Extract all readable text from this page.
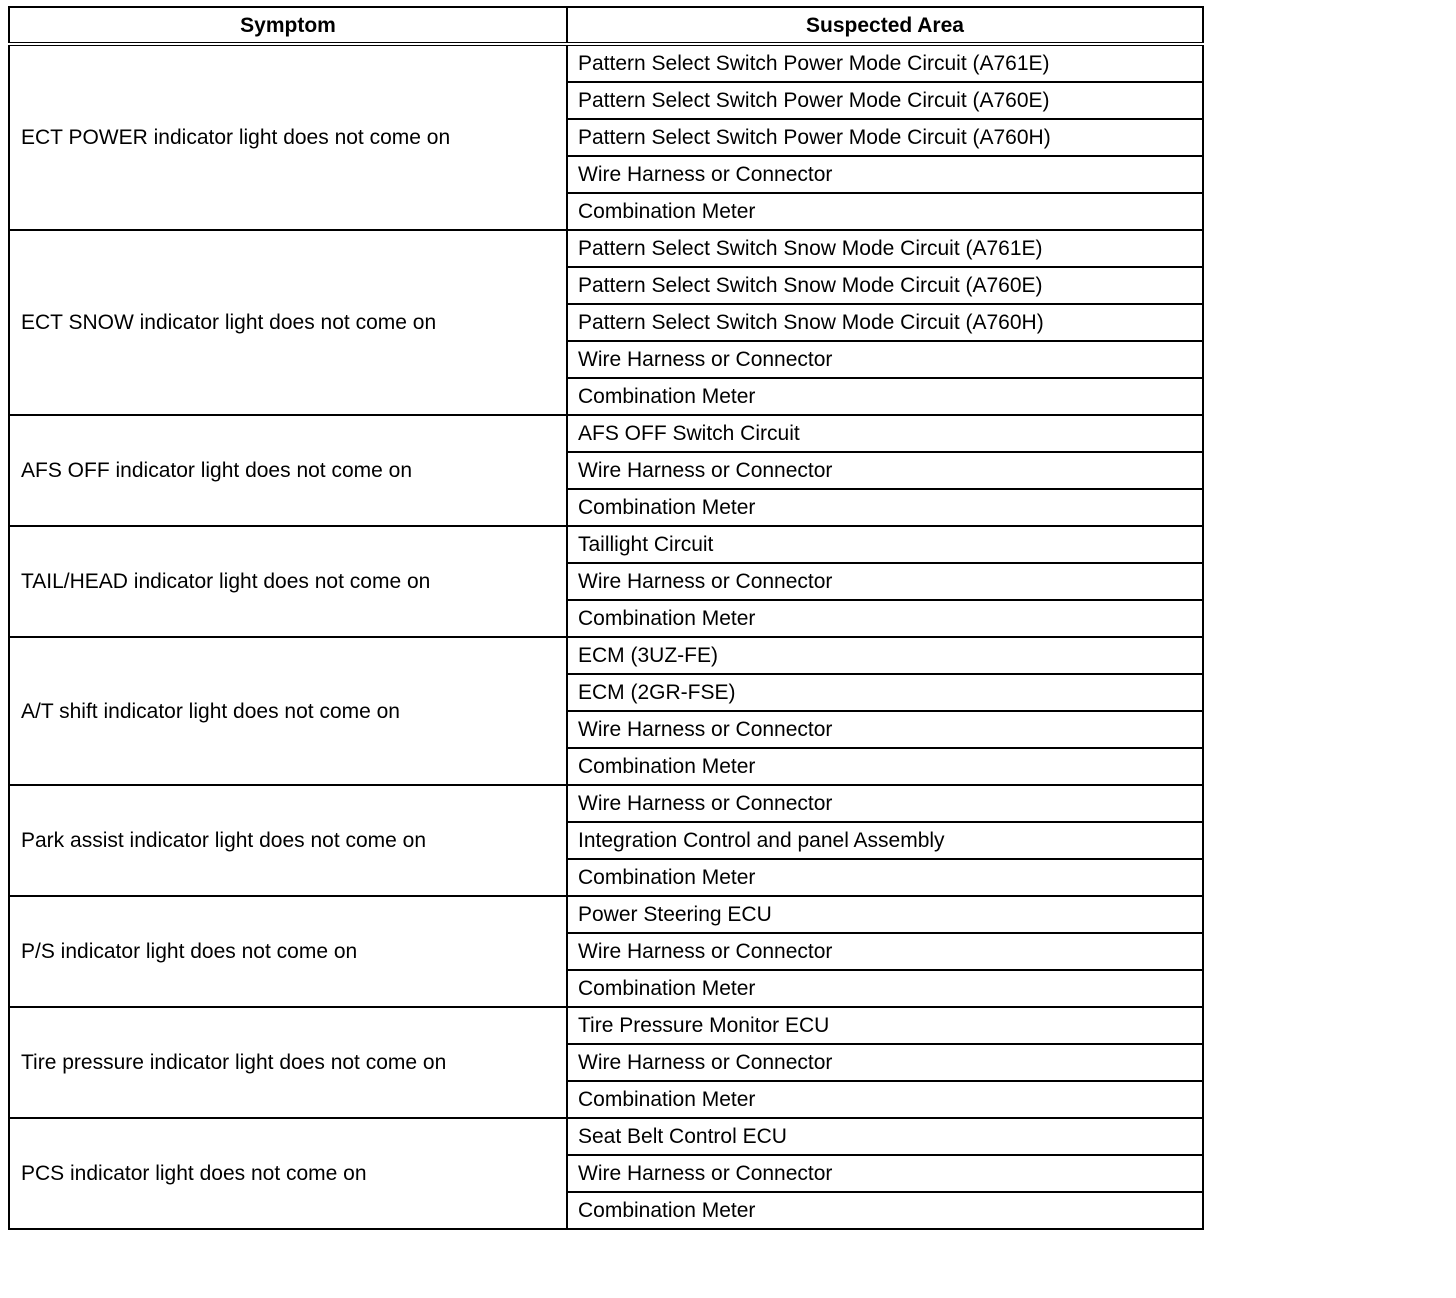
Symptom	Suspected Area
ECT POWER indicator light does not come on	Pattern Select Switch Power Mode Circuit (A761E)
	Pattern Select Switch Power Mode Circuit (A760E)
	Pattern Select Switch Power Mode Circuit (A760H)
	Wire Harness or Connector
	Combination Meter
ECT SNOW indicator light does not come on	Pattern Select Switch Snow Mode Circuit (A761E)
	Pattern Select Switch Snow Mode Circuit (A760E)
	Pattern Select Switch Snow Mode Circuit (A760H)
	Wire Harness or Connector
	Combination Meter
AFS OFF indicator light does not come on	AFS OFF Switch Circuit
	Wire Harness or Connector
	Combination Meter
TAIL/HEAD indicator light does not come on	Taillight Circuit
	Wire Harness or Connector
	Combination Meter
A/T shift indicator light does not come on	ECM (3UZ-FE)
	ECM (2GR-FSE)
	Wire Harness or Connector
	Combination Meter
Park assist indicator light does not come on	Wire Harness or Connector
	Integration Control and panel Assembly
	Combination Meter
P/S indicator light does not come on	Power Steering ECU
	Wire Harness or Connector
	Combination Meter
Tire pressure indicator light does not come on	Tire Pressure Monitor ECU
	Wire Harness or Connector
	Combination Meter
PCS indicator light does not come on	Seat Belt Control ECU
	Wire Harness or Connector
	Combination Meter
